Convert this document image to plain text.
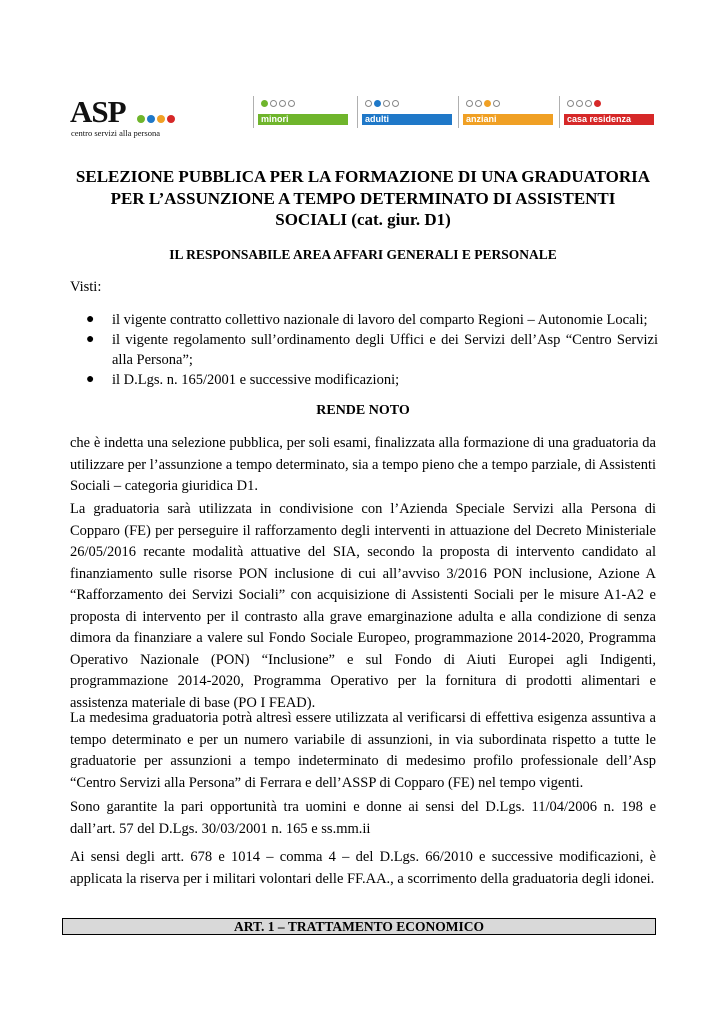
ASP
centro servizi alla persona
minori	adulti	anziani	casa residenza
SELEZIONE PUBBLICA PER LA FORMAZIONE DI UNA GRADUATORIA
PER L’ASSUNZIONE A TEMPO DETERMINATO DI ASSISTENTI
SOCIALI (cat. giur. D1)
IL RESPONSABILE AREA AFFARI GENERALI E PERSONALE
Visti:
● il vigente contratto collettivo nazionale di lavoro del comparto Regioni – Autonomie Locali;
● il vigente regolamento sull’ordinamento degli Uffici e dei Servizi dell’Asp “Centro Servizi alla Persona”;
● il D.Lgs. n. 165/2001 e successive modificazioni;
RENDE NOTO

che è indetta una selezione pubblica, per soli esami, finalizzata alla formazione di una graduatoria da utilizzare per l’assunzione a tempo determinato, sia a tempo pieno che a tempo parziale, di Assistenti Sociali – categoria giuridica D1.

La graduatoria sarà utilizzata in condivisione con l’Azienda Speciale Servizi alla Persona di Copparo (FE) per perseguire il rafforzamento degli interventi in attuazione del Decreto Ministeriale 26/05/2016 recante modalità attuative del SIA, secondo la proposta di intervento candidato al finanziamento sulle risorse PON inclusione di cui all’avviso 3/2016 PON inclusione, Azione A “Rafforzamento dei Servizi Sociali” con acquisizione di Assistenti Sociali per le misure A1-A2 e proposta di intervento per il contrasto alla grave emarginazione adulta e alla condizione di senza dimora da finanziare a valere sul Fondo Sociale Europeo, programmazione 2014-2020, Programma Operativo Nazionale (PON) “Inclusione” e sul Fondo di Aiuti Europei agli Indigenti, programmazione 2014-2020, Programma Operativo per la fornitura di prodotti alimentari e assistenza materiale di base (PO I FEAD).

La medesima graduatoria potrà altresì essere utilizzata al verificarsi di effettiva esigenza assuntiva a tempo determinato e per un numero variabile di assunzioni, in via subordinata rispetto a tutte le graduatorie per assunzioni a tempo indeterminato di medesimo profilo professionale dell’Asp “Centro Servizi alla Persona” di Ferrara e dell’ASSP di Copparo (FE) nel tempo vigenti.

Sono garantite la pari opportunità tra uomini e donne ai sensi del D.Lgs. 11/04/2006 n. 198 e dall’art. 57 del D.Lgs. 30/03/2001 n. 165 e ss.mm.ii

Ai sensi degli artt. 678 e 1014 – comma 4 – del D.Lgs. 66/2010 e successive modificazioni, è applicata la riserva per i militari volontari delle FF.AA., a scorrimento della graduatoria degli idonei.

ART. 1 – TRATTAMENTO ECONOMICO
